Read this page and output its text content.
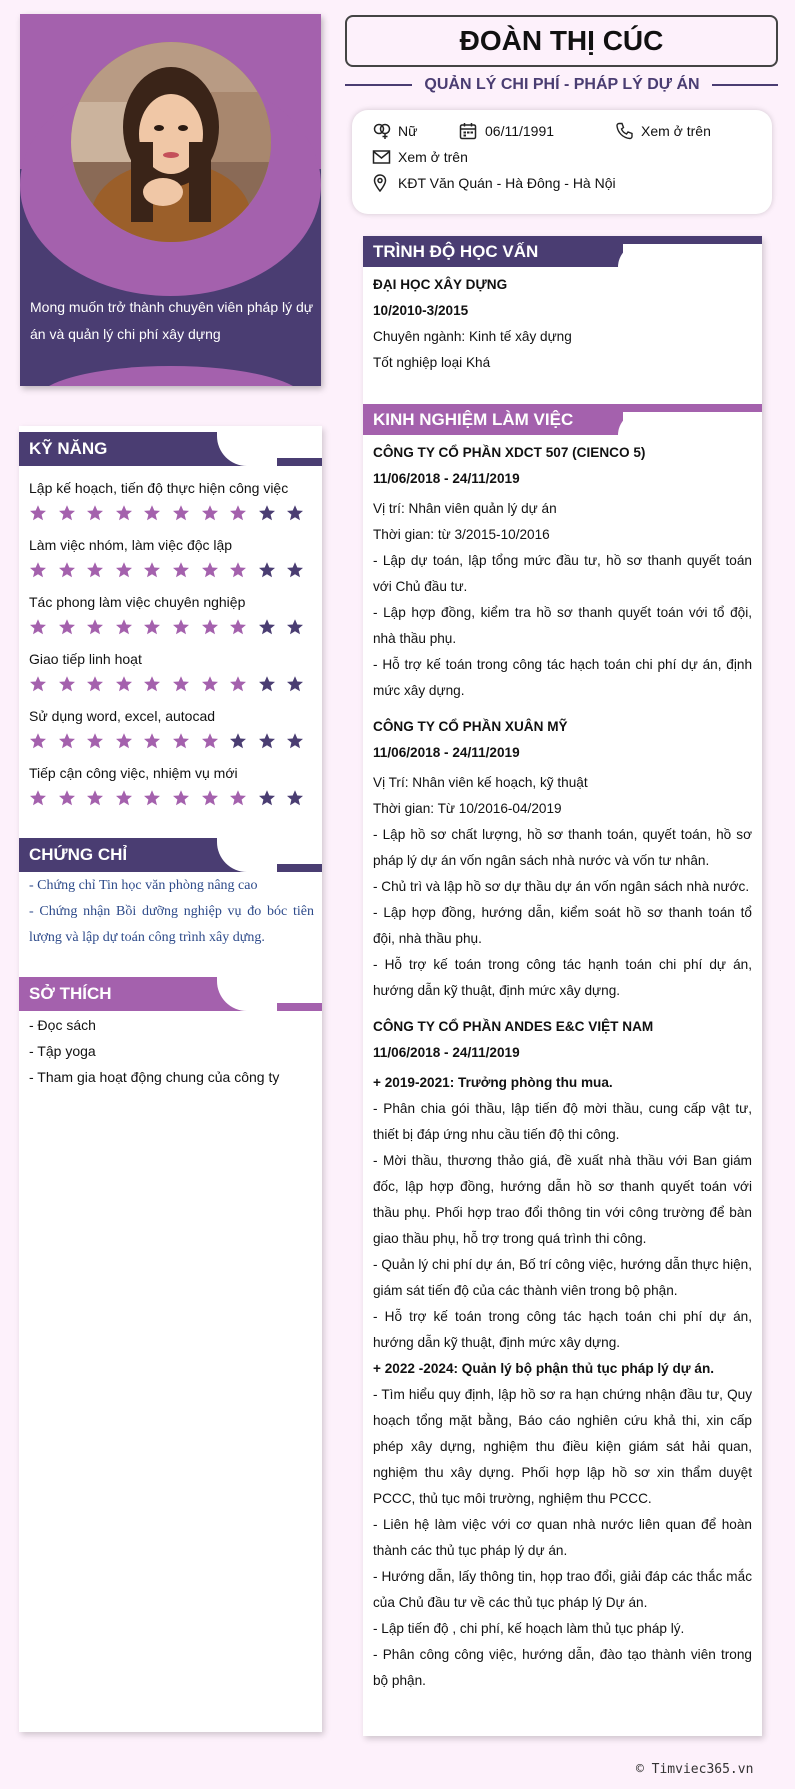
Mong muốn trở thành chuyên viên pháp lý dự án và quản lý chi phí xây dựng
KỸ NĂNG
Lập kế hoạch, tiến độ thực hiện công việc
Làm việc nhóm, làm việc độc lập
Tác phong làm việc chuyên nghiệp
Giao tiếp linh hoạt
Sử dụng word, excel, autocad
Tiếp cận công việc, nhiệm vụ mới
CHỨNG CHỈ
- Chứng chỉ Tin học văn phòng nâng cao
- Chứng nhận Bồi dưỡng nghiệp vụ đo bóc tiên lượng và lập dự toán công trình xây dựng.
SỞ THÍCH
- Đọc sách
- Tập yoga
- Tham gia hoạt động chung của công ty
ĐOÀN THỊ CÚC
QUẢN LÝ CHI PHÍ - PHÁP LÝ DỰ ÁN
Nữ	06/11/1991	Xem ở trên
Xem ở trên
KĐT Văn Quán - Hà Đông - Hà Nội
TRÌNH ĐỘ HỌC VẤN
ĐẠI HỌC XÂY DỰNG
10/2010-3/2015

Chuyên ngành: Kinh tế xây dựng

Tốt nghiệp loại Khá

KINH NGHIỆM LÀM VIỆC
CÔNG TY CỔ PHẦN XDCT 507 (CIENCO 5)
11/06/2018 - 24/11/2019

Vị trí: Nhân viên quản lý dự án

Thời gian: từ 3/2015-10/2016

- Lập dự toán, lập tổng mức đầu tư, hồ sơ thanh quyết toán với Chủ đầu tư.

- Lập hợp đồng, kiểm tra hồ sơ thanh quyết toán với tổ đội, nhà thầu phụ.

- Hỗ trợ kế toán trong công tác hạch toán chi phí dự án, định mức xây dựng.

CÔNG TY CỔ PHẦN XUÂN MỸ
11/06/2018 - 24/11/2019

Vị Trí: Nhân viên kế hoạch, kỹ thuật

Thời gian: Từ 10/2016-04/2019

- Lập hồ sơ chất lượng, hồ sơ thanh toán, quyết toán, hồ sơ pháp lý dự án vốn ngân sách nhà nước và vốn tư nhân.

- Chủ trì và lập hồ sơ dự thầu dự án vốn ngân sách nhà nước.

- Lập hợp đồng, hướng dẫn, kiểm soát hồ sơ thanh toán tổ đội, nhà thầu phụ.

- Hỗ trợ kế toán trong công tác hạnh toán chi phí dự án, hướng dẫn kỹ thuật, định mức xây dựng.

CÔNG TY CỔ PHẦN ANDES E&C VIỆT NAM
11/06/2018 - 24/11/2019
+ 2019-2021: Trưởng phòng thu mua.

- Phân chia gói thầu, lập tiến độ mời thầu, cung cấp vật tư, thiết bị đáp ứng nhu cầu tiến độ thi công.

- Mời thầu, thương thảo giá, đề xuất nhà thầu với Ban giám đốc, lập hợp đồng, hướng dẫn hồ sơ thanh quyết toán với thầu phụ. Phối hợp trao đổi thông tin với công trường để bàn giao thầu phụ, hỗ trợ trong quá trình thi công.

- Quản lý chi phí dự án, Bố trí công việc, hướng dẫn thực hiện, giám sát tiến độ của các thành viên trong bộ phận.

- Hỗ trợ kế toán trong công tác hạch toán chi phí dự án, hướng dẫn kỹ thuật, định mức xây dựng.

+ 2022 -2024: Quản lý bộ phận thủ tục pháp lý dự án.

- Tìm hiểu quy định, lập hồ sơ ra hạn chứng nhận đầu tư, Quy hoạch tổng mặt bằng, Báo cáo nghiên cứu khả thi, xin cấp phép xây dựng, nghiệm thu điều kiện giám sát hải quan, nghiệm thu xây dựng. Phối hợp lập hồ sơ xin thẩm duyệt PCCC, thủ tục môi trường, nghiệm thu PCCC.

- Liên hệ làm việc với cơ quan nhà nước liên quan để hoàn thành các thủ tục pháp lý dự án.

- Hướng dẫn, lấy thông tin, họp trao đổi, giải đáp các thắc mắc của Chủ đầu tư về các thủ tục pháp lý Dự án.

- Lập tiến độ , chi phí, kế hoạch làm thủ tục pháp lý.

- Phân công công việc, hướng dẫn, đào tạo thành viên trong bộ phận.

© Timviec365.vn
